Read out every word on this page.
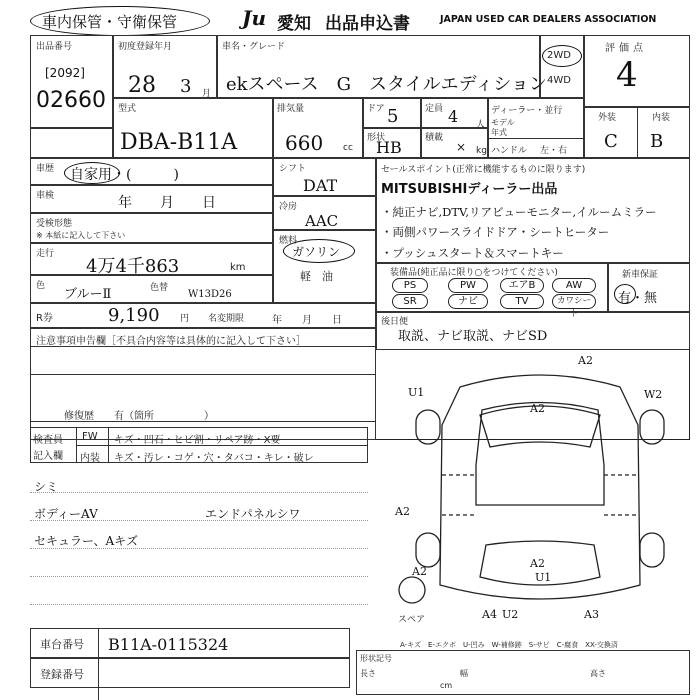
車内保管・守衛保管	Ju 愛知 出品申込書	JAPAN USED CAR DEALERS ASSOCIATION
出品番号
[2092]
02660
初度登録年月
28 3 月
車名・グレード
ekスペース　G　スタイルエディション
2WD
4WD
評価点
4
型式
DBA-B11A
排気量
660 cc
ドア 5	定員 4 人
形状
HB	積載
× kg
ディーラー・並行
モデル
年式
ハンドル 左・右
外装	内装
C B
車歴 自家用・(　　　)
車検	年　　月　　日
受検形態
※ 本紙に記入して下さい
走行
4万4千863	km
色
ブルーⅡ	色替
W13D26
シフト
DAT
冷房
AAC
燃料
ガソリン
軽　油
セールスポイント(正常に機能するものに限ります)
MITSUBISHIディーラー出品
・純正ナビ,DTV,リアビューモニター,イルームミラー
・両側パワースライドドア・シートヒーター
・プッシュスタート＆スマートキー
装備品(純正品に限り○をつけてください)
PS	PW	エアB	AW
SR	ナビ	TV	カワシート
新車保証
有・無
R券	9,190 円 名変期限	年　　月　　日
注意事項申告欄［不具合内容等は具体的に記入して下さい］
修復歴 有（箇所　　　　　）
後日便
取説、ナビ取説、ナビSD
検査員
記入欄
FW キズ・凹石・ヒビ割・リペア跡・X要
内装 キズ・汚レ・コゲ・穴・タバコ・キレ・破レ
シミ
ボディーAV
セキュラー、Aキズ
エンドパネルシワ
A2
A2
U1	W2
A2
A2
A2
U1
A4 U2	A3
スペア
A-キズ　E-エクボ　U-凹み　W-補修跡　S-サビ　C-腐食　XX-交換済
車台番号 B11A-0115324
登録番号
形状記号
長さ	幅	高さ
cm
